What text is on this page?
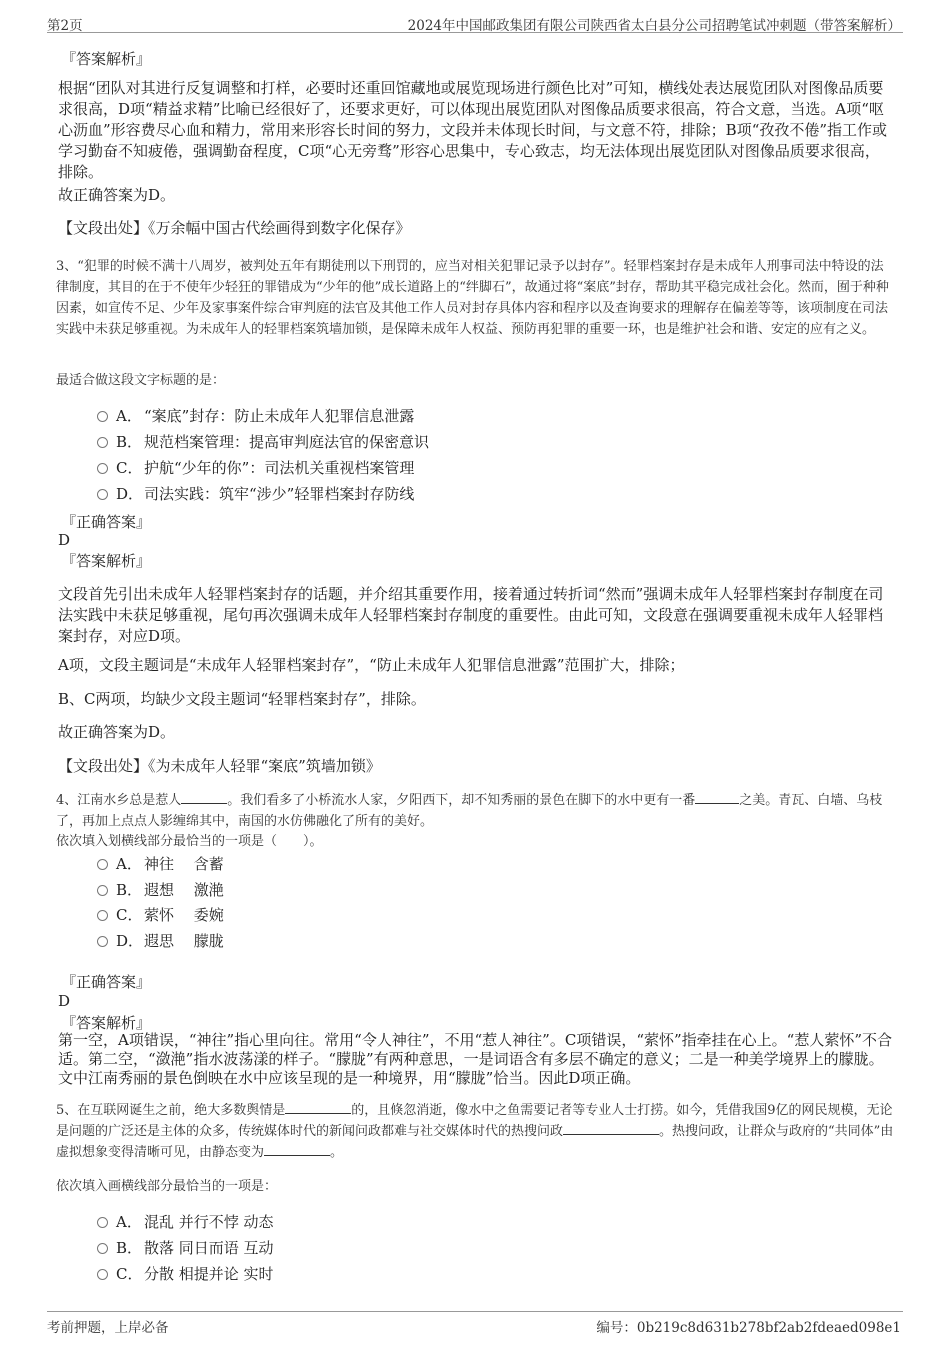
第2页	2024年中国邮政集团有限公司陕西省太白县分公司招聘笔试冲刺题（带答案解析）
『答案解析』

根据“团队对其进行反复调整和打样，必要时还重回馆藏地或展览现场进行颜色比对”可知，横线处表达展览团队对图像品质要求很高，D项“精益求精”比喻已经很好了，还要求更好，可以体现出展览团队对图像品质要求很高，符合文意，当选。A项“呕心沥血”形容费尽心血和精力，常用来形容长时间的努力，文段并未体现长时间，与文意不符，排除；B项“孜孜不倦”指工作或学习勤奋不知疲倦，强调勤奋程度，C项“心无旁骛”形容心思集中，专心致志，均无法体现出展览团队对图像品质要求很高，排除。

故正确答案为D。

【文段出处】《万余幅中国古代绘画得到数字化保存》

3、“犯罪的时候不满十八周岁，被判处五年有期徒刑以下刑罚的，应当对相关犯罪记录予以封存”。轻罪档案封存是未成年人刑事司法中特设的法律制度，其目的在于不使年少轻狂的罪错成为“少年的他”成长道路上的“绊脚石”，故通过将“案底”封存，帮助其平稳完成社会化。然而，囿于种种因素，如宣传不足、少年及家事案件综合审判庭的法官及其他工作人员对封存具体内容和程序以及查询要求的理解存在偏差等等，该项制度在司法实践中未获足够重视。为未成年人的轻罪档案筑墙加锁，是保障未成年人权益、预防再犯罪的重要一环，也是维护社会和谐、安定的应有之义。

最适合做这段文字标题的是：

A． “案底”封存：防止未成年人犯罪信息泄露
B． 规范档案管理：提高审判庭法官的保密意识
C． 护航“少年的你”：司法机关重视档案管理
D．司法实践：筑牢“涉少”轻罪档案封存防线
『正确答案』
D
『答案解析』

文段首先引出未成年人轻罪档案封存的话题，并介绍其重要作用，接着通过转折词“然而”强调未成年人轻罪档案封存制度在司法实践中未获足够重视，尾句再次强调未成年人轻罪档案封存制度的重要性。由此可知，文段意在强调要重视未成年人轻罪档案封存，对应D项。

A项，文段主题词是“未成年人轻罪档案封存”，“防止未成年人犯罪信息泄露”范围扩大，排除；

B、C两项，均缺少文段主题词“轻罪档案封存”，排除。

故正确答案为D。

【文段出处】《为未成年人轻罪“案底”筑墙加锁》

4、江南水乡总是惹人	。我们看多了小桥流水人家，夕阳西下，却不知秀丽的景色在脚下的水中更有一番	之美。青瓦、白墙、乌枝了，再加上点点人影缠绵其中，南国的水仿佛融化了所有的美好。

依次填入划横线部分最恰当的一项是（　　）。

A． 神往　 含蓄
B． 遐想　 激滟
C． 萦怀　 委婉
D．遐思　 朦胧
『正确答案』
D
『答案解析』

第一空，A项错误，“神往”指心里向往。常用“令人神往”，不用“惹人神往”。C项错误，“萦怀”指牵挂在心上。“惹人萦怀”不合适。第二空，“潋滟”指水波荡漾的样子。“朦胧”有两种意思，一是词语含有多层不确定的意义；二是一种美学境界上的朦胧。文中江南秀丽的景色倒映在水中应该呈现的是一种境界，用“朦胧”恰当。因此D项正确。

5、在互联网诞生之前，绝大多数舆情是	的，且倏忽消逝，像水中之鱼需要记者等专业人士打捞。如今，凭借我国9亿的网民规模，无论是问题的广泛还是主体的众多，传统媒体时代的新闻问政都难与社交媒体时代的热搜问政	。热搜问政，让群众与政府的“共同体”由虚拟想象变得清晰可见，由静态变为	。

依次填入画横线部分最恰当的一项是：

A． 混乱 并行不悖 动态
B． 散落 同日而语 互动
C． 分散 相提并论 实时
考前押题，上岸必备	编号：0b219c8d631b278bf2ab2fdeaed098e1
